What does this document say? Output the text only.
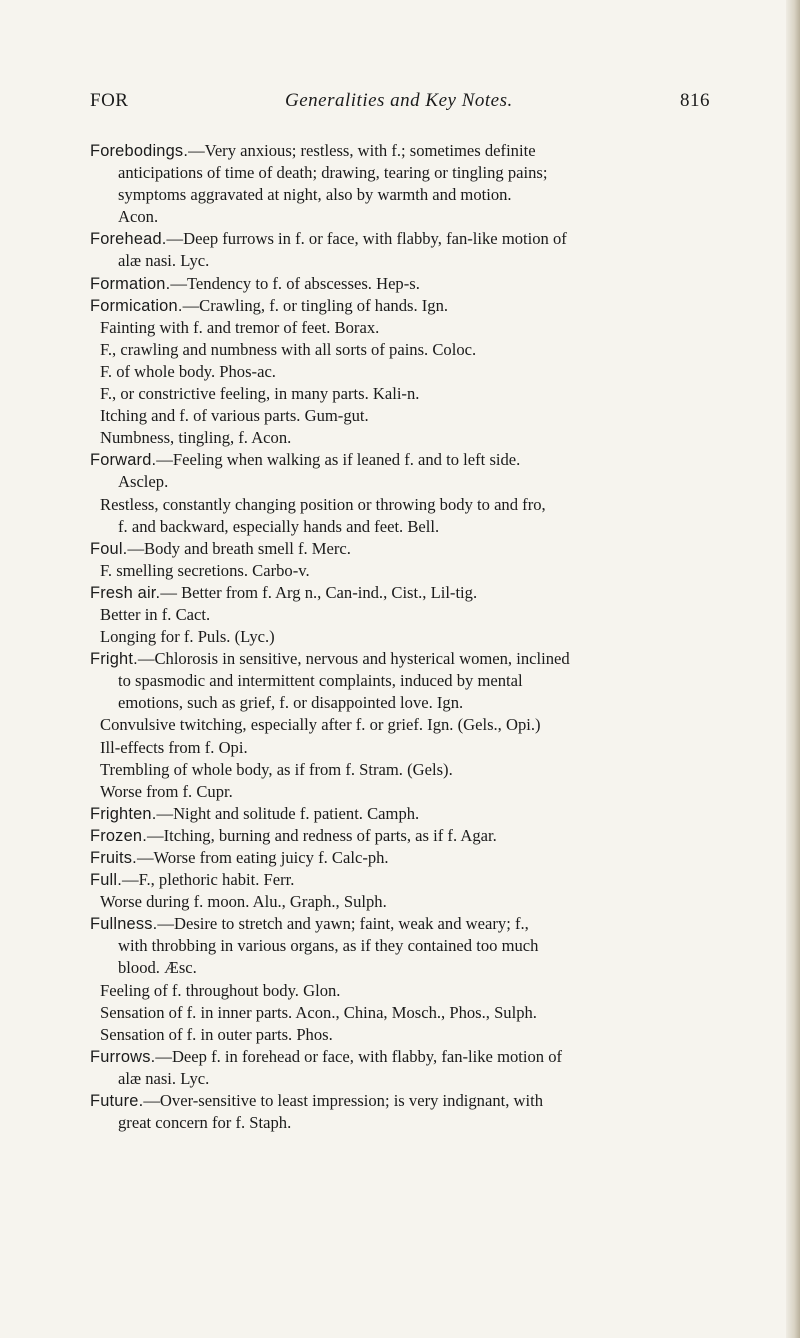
FOR	Generalities and Key Notes.	816
Forebodings.—Very anxious; restless, with f.; sometimes definite
anticipations of time of death; drawing, tearing or tingling pains;
symptoms aggravated at night, also by warmth and motion.
Acon.
Forehead.—Deep furrows in f. or face, with flabby, fan-like motion of
alæ nasi. Lyc.
Formation.—Tendency to f. of abscesses. Hep-s.
Formication.—Crawling, f. or tingling of hands. Ign.
Fainting with f. and tremor of feet. Borax.
F., crawling and numbness with all sorts of pains. Coloc.
F. of whole body. Phos-ac.
F., or constrictive feeling, in many parts. Kali-n.
Itching and f. of various parts. Gum-gut.
Numbness, tingling, f. Acon.
Forward.—Feeling when walking as if leaned f. and to left side.
Asclep.
Restless, constantly changing position or throwing body to and fro,
f. and backward, especially hands and feet. Bell.
Foul.—Body and breath smell f. Merc.
F. smelling secretions. Carbo-v.
Fresh air.— Better from f. Arg n., Can-ind., Cist., Lil-tig.
Better in f. Cact.
Longing for f. Puls. (Lyc.)
Fright.—Chlorosis in sensitive, nervous and hysterical women, inclined
to spasmodic and intermittent complaints, induced by mental
emotions, such as grief, f. or disappointed love. Ign.
Convulsive twitching, especially after f. or grief. Ign. (Gels., Opi.)
Ill-effects from f. Opi.
Trembling of whole body, as if from f. Stram. (Gels).
Worse from f. Cupr.
Frighten.—Night and solitude f. patient. Camph.
Frozen.—Itching, burning and redness of parts, as if f. Agar.
Fruits.—Worse from eating juicy f. Calc-ph.
Full.—F., plethoric habit. Ferr.
Worse during f. moon. Alu., Graph., Sulph.
Fullness.—Desire to stretch and yawn; faint, weak and weary; f.,
with throbbing in various organs, as if they contained too much
blood. Æsc.
Feeling of f. throughout body. Glon.
Sensation of f. in inner parts. Acon., China, Mosch., Phos., Sulph.
Sensation of f. in outer parts. Phos.
Furrows.—Deep f. in forehead or face, with flabby, fan-like motion of
alæ nasi. Lyc.
Future.—Over-sensitive to least impression; is very indignant, with
great concern for f. Staph.
